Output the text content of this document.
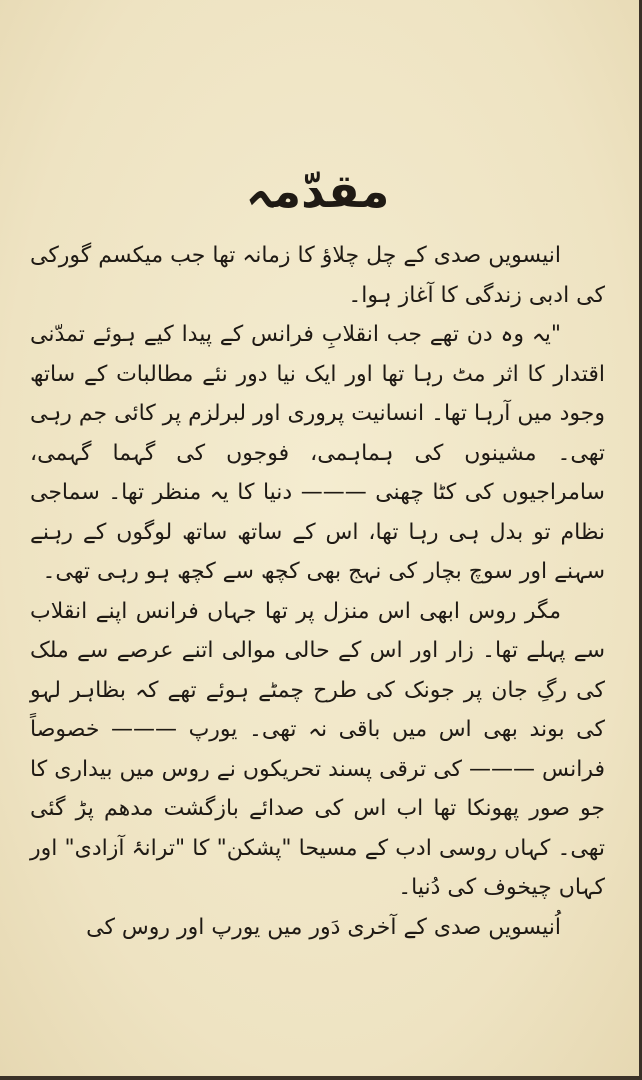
مقدّمہ

انیسویں صدی کے چل چلاؤ کا زمانہ تھا جب میکسم گورکی کی ادبی زندگی کا آغاز ہوا۔

"یہ وہ دن تھے جب انقلابِ فرانس کے پیدا کیے ہوئے تمدّنی اقتدار کا اثر مٹ رہا تھا اور ایک نیا دور نئے مطالبات کے ساتھ وجود میں آرہا تھا۔ انسانیت پروری اور لبرلزم پر کائی جم رہی تھی۔ مشینوں کی ہماہمی، فوجوں کی گہما گہمی، سامراجیوں کی کٹا چھنی ——— دنیا کا یہ منظر تھا۔ سماجی نظام تو بدل ہی رہا تھا، اس کے ساتھ ساتھ لوگوں کے رہنے سہنے اور سوچ بچار کی نہج بھی کچھ سے کچھ ہو رہی تھی۔

مگر روس ابھی اس منزل پر تھا جہاں فرانس اپنے انقلاب سے پہلے تھا۔ زار اور اس کے حالی موالی اتنے عرصے سے ملک کی رگِ جان پر جونک کی طرح چمٹے ہوئے تھے کہ بظاہر لہو کی بوند بھی اس میں باقی نہ تھی۔ یورپ ——— خصوصاً فرانس ——— کی ترقی پسند تحریکوں نے روس میں بیداری کا جو صور پھونکا تھا اب اس کی صدائے بازگشت مدھم پڑ گئی تھی۔ کہاں روسی ادب کے مسیحا "پشکن" کا "ترانۂ آزادی" اور کہاں چیخوف کی دُنیا۔

اُنیسویں صدی کے آخری دَور میں یورپ اور روس کی
